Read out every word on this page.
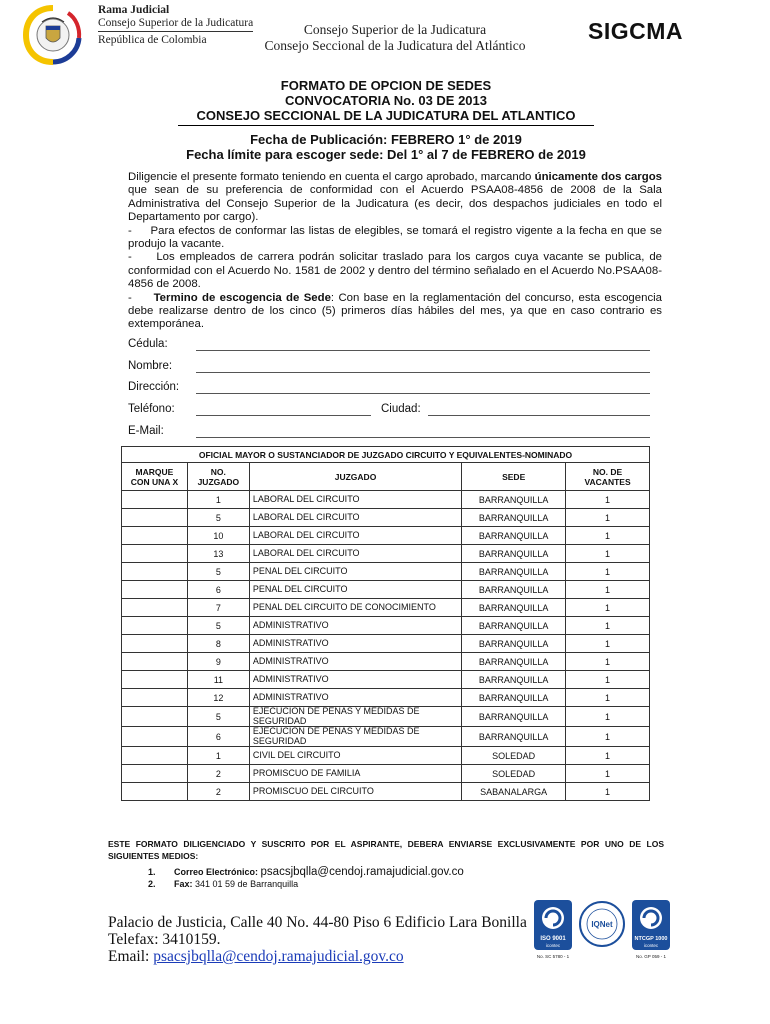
Rama Judicial
Consejo Superior de la Judicatura
República de Colombia
Consejo Superior de la Judicatura
Consejo Seccional de la Judicatura del Atlántico
SIGCMA
FORMATO DE OPCION DE SEDES
CONVOCATORIA No. 03 DE 2013
CONSEJO SECCIONAL DE LA JUDICATURA DEL ATLANTICO
Fecha de Publicación: FEBRERO 1° de 2019
Fecha límite para escoger sede: Del 1° al 7 de FEBRERO de 2019

Diligencie el presente formato teniendo en cuenta el cargo aprobado, marcando únicamente dos cargos que sean de su preferencia de conformidad con el Acuerdo PSAA08-4856 de 2008 de la Sala Administrativa del Consejo Superior de la Judicatura (es decir, dos despachos judiciales en todo el Departamento por cargo).

-     Para efectos de conformar las listas de elegibles, se tomará el registro vigente a la fecha en que se produjo la vacante.

-     Los empleados de carrera podrán solicitar traslado para los cargos cuya vacante se publica, de conformidad con el Acuerdo No. 1581 de 2002 y dentro del término señalado en el Acuerdo No.PSAA08- 4856 de 2008.

-     Termino de escogencia de Sede: Con base en la reglamentación del concurso, esta escogencia debe realizarse dentro de los cinco (5) primeros días hábiles del mes, ya que en caso contrario es extemporánea.

Cédula:
Nombre:
Dirección:
Teléfono:	Ciudad:
E-Mail:
OFICIAL MAYOR O SUSTANCIADOR DE JUZGADO CIRCUITO Y EQUIVALENTES-NOMINADO				
MARQUE CON UNA X	NO. JUZGADO	JUZGADO	SEDE	NO. DE VACANTES
	1	LABORAL DEL CIRCUITO	BARRANQUILLA	1
	5	LABORAL DEL CIRCUITO	BARRANQUILLA	1
	10	LABORAL DEL CIRCUITO	BARRANQUILLA	1
	13	LABORAL DEL CIRCUITO	BARRANQUILLA	1
	5	PENAL DEL CIRCUITO	BARRANQUILLA	1
	6	PENAL DEL CIRCUITO	BARRANQUILLA	1
	7	PENAL DEL CIRCUITO DE CONOCIMIENTO	BARRANQUILLA	1
	5	ADMINISTRATIVO	BARRANQUILLA	1
	8	ADMINISTRATIVO	BARRANQUILLA	1
	9	ADMINISTRATIVO	BARRANQUILLA	1
	11	ADMINISTRATIVO	BARRANQUILLA	1
	12	ADMINISTRATIVO	BARRANQUILLA	1
	5	EJECUCION DE PENAS Y MEDIDAS DE SEGURIDAD	BARRANQUILLA	1
	6	EJECUCION DE PENAS Y MEDIDAS DE SEGURIDAD	BARRANQUILLA	1
	1	CIVIL DEL CIRCUITO	SOLEDAD	1
	2	PROMISCUO DE FAMILIA	SOLEDAD	1
	2	PROMISCUO DEL CIRCUITO	SABANALARGA	1
ESTE FORMATO DILIGENCIADO Y SUSCRITO POR EL ASPIRANTE, DEBERA ENVIARSE EXCLUSIVAMENTE POR UNO DE LOS SIGUIENTES MEDIOS:
1.	Correo Electrónico: psacsjbqlla@cendoj.ramajudicial.gov.co
2.	Fax: 341 01 59 de Barranquilla
Palacio de Justicia, Calle 40 No. 44-80 Piso 6 Edificio Lara Bonilla
Telefax: 3410159.
Email: psacsjbqlla@cendoj.ramajudicial.gov.co
ISO 9001
icontec
No. SC 5780 - 1
IQNet
NTCGP 1000
icontec
No. GP 059 - 1
